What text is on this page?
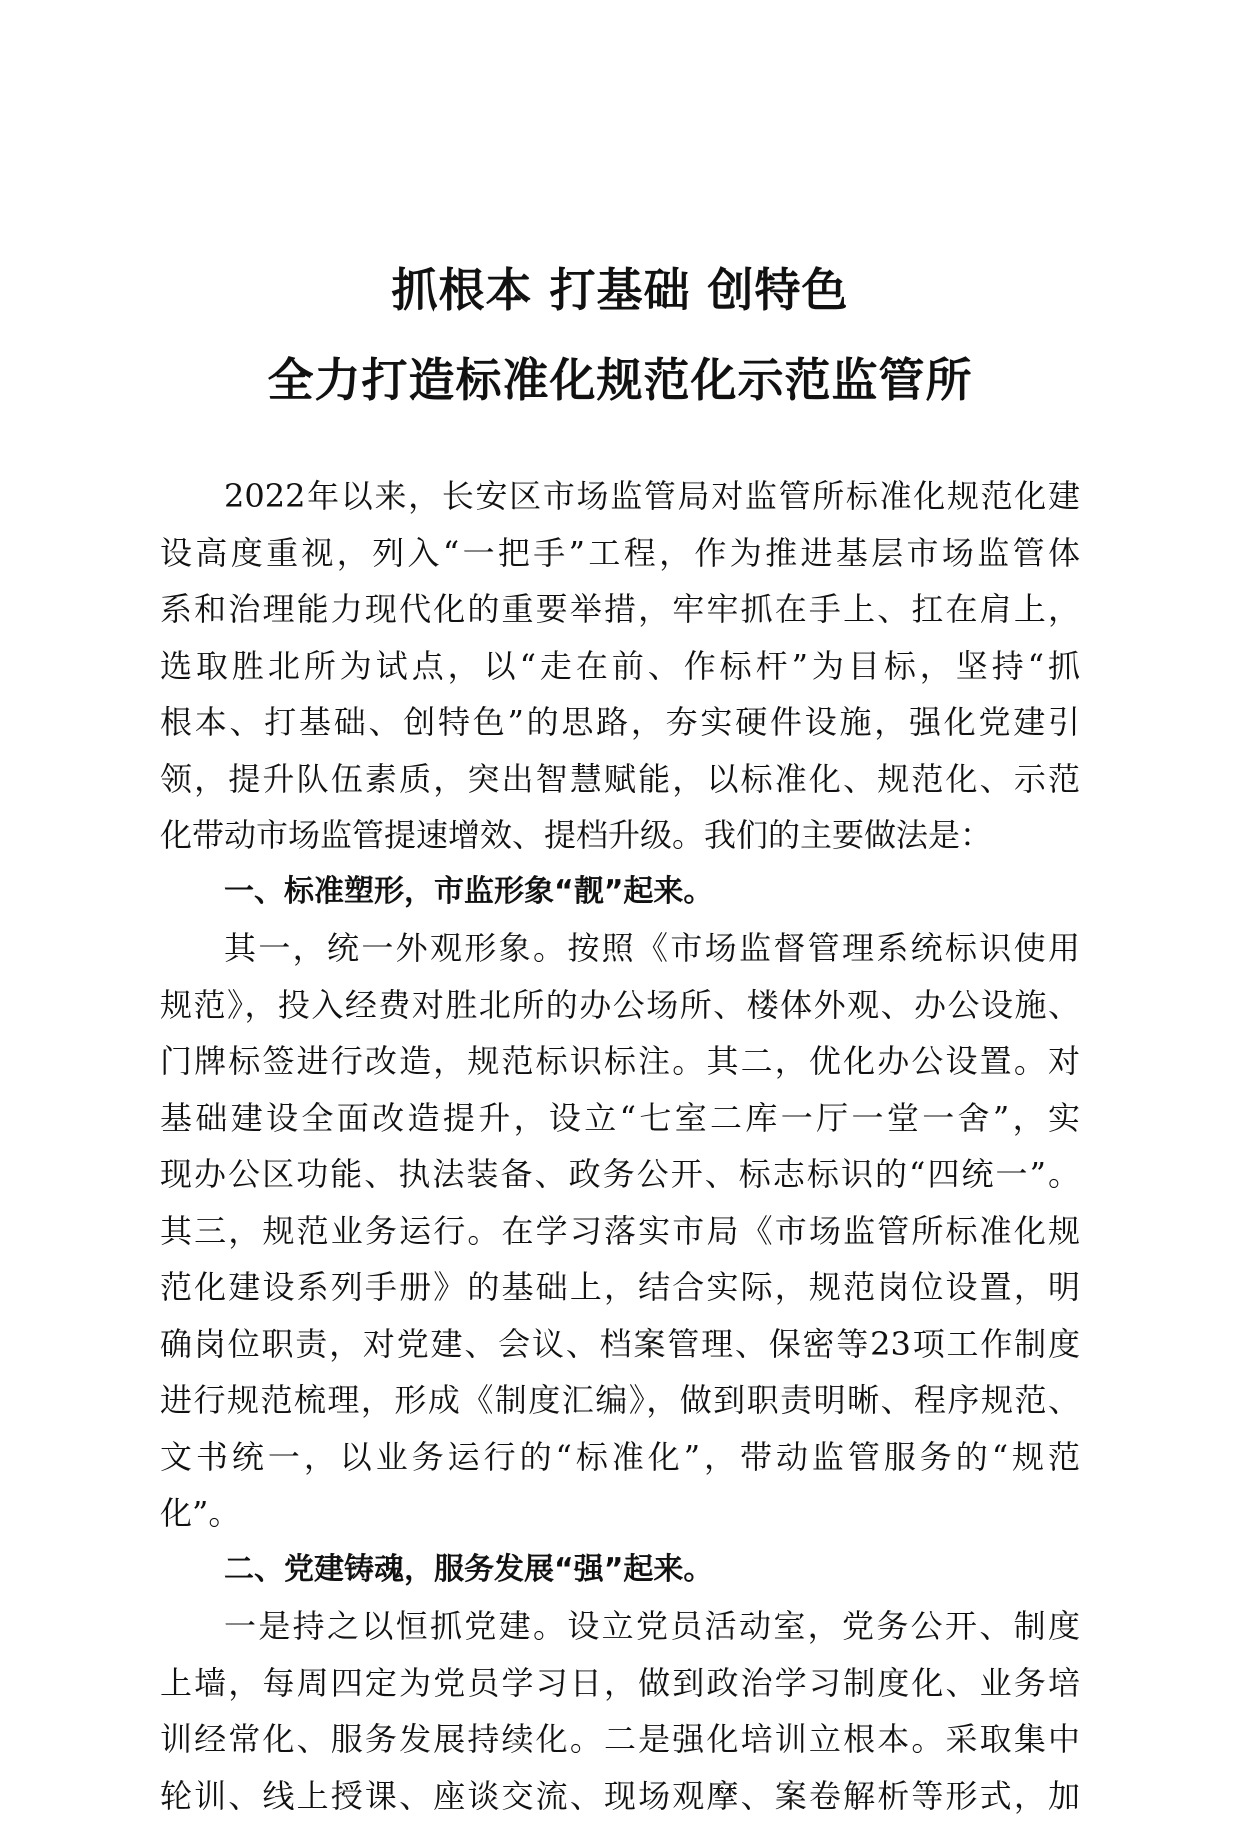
抓根本 打基础 创特色
全力打造标准化规范化示范监管所
2022年以来，长安区市场监管局对监管所标准化规范化建
设高度重视，列入“一把手”工程，作为推进基层市场监管体
系和治理能力现代化的重要举措，牢牢抓在手上、扛在肩上，
选取胜北所为试点，以“走在前、作标杆”为目标，坚持“抓
根本、打基础、创特色”的思路，夯实硬件设施，强化党建引
领，提升队伍素质，突出智慧赋能，以标准化、规范化、示范
化带动市场监管提速增效、提档升级。我们的主要做法是：
一、标准塑形，市监形象“靓”起来。
其一，统一外观形象。按照《市场监督管理系统标识使用
规范》，投入经费对胜北所的办公场所、楼体外观、办公设施、
门牌标签进行改造，规范标识标注。其二，优化办公设置。对
基础建设全面改造提升，设立“七室二库一厅一堂一舍”，实
现办公区功能、执法装备、政务公开、标志标识的“四统一”。
其三，规范业务运行。在学习落实市局《市场监管所标准化规
范化建设系列手册》的基础上，结合实际，规范岗位设置，明
确岗位职责，对党建、会议、档案管理、保密等23项工作制度
进行规范梳理，形成《制度汇编》，做到职责明晰、程序规范、
文书统一，以业务运行的“标准化”，带动监管服务的“规范
化”。
二、党建铸魂，服务发展“强”起来。
一是持之以恒抓党建。设立党员活动室，党务公开、制度
上墙，每周四定为党员学习日，做到政治学习制度化、业务培
训经常化、服务发展持续化。二是强化培训立根本。采取集中
轮训、线上授课、座谈交流、现场观摩、案卷解析等形式，加
